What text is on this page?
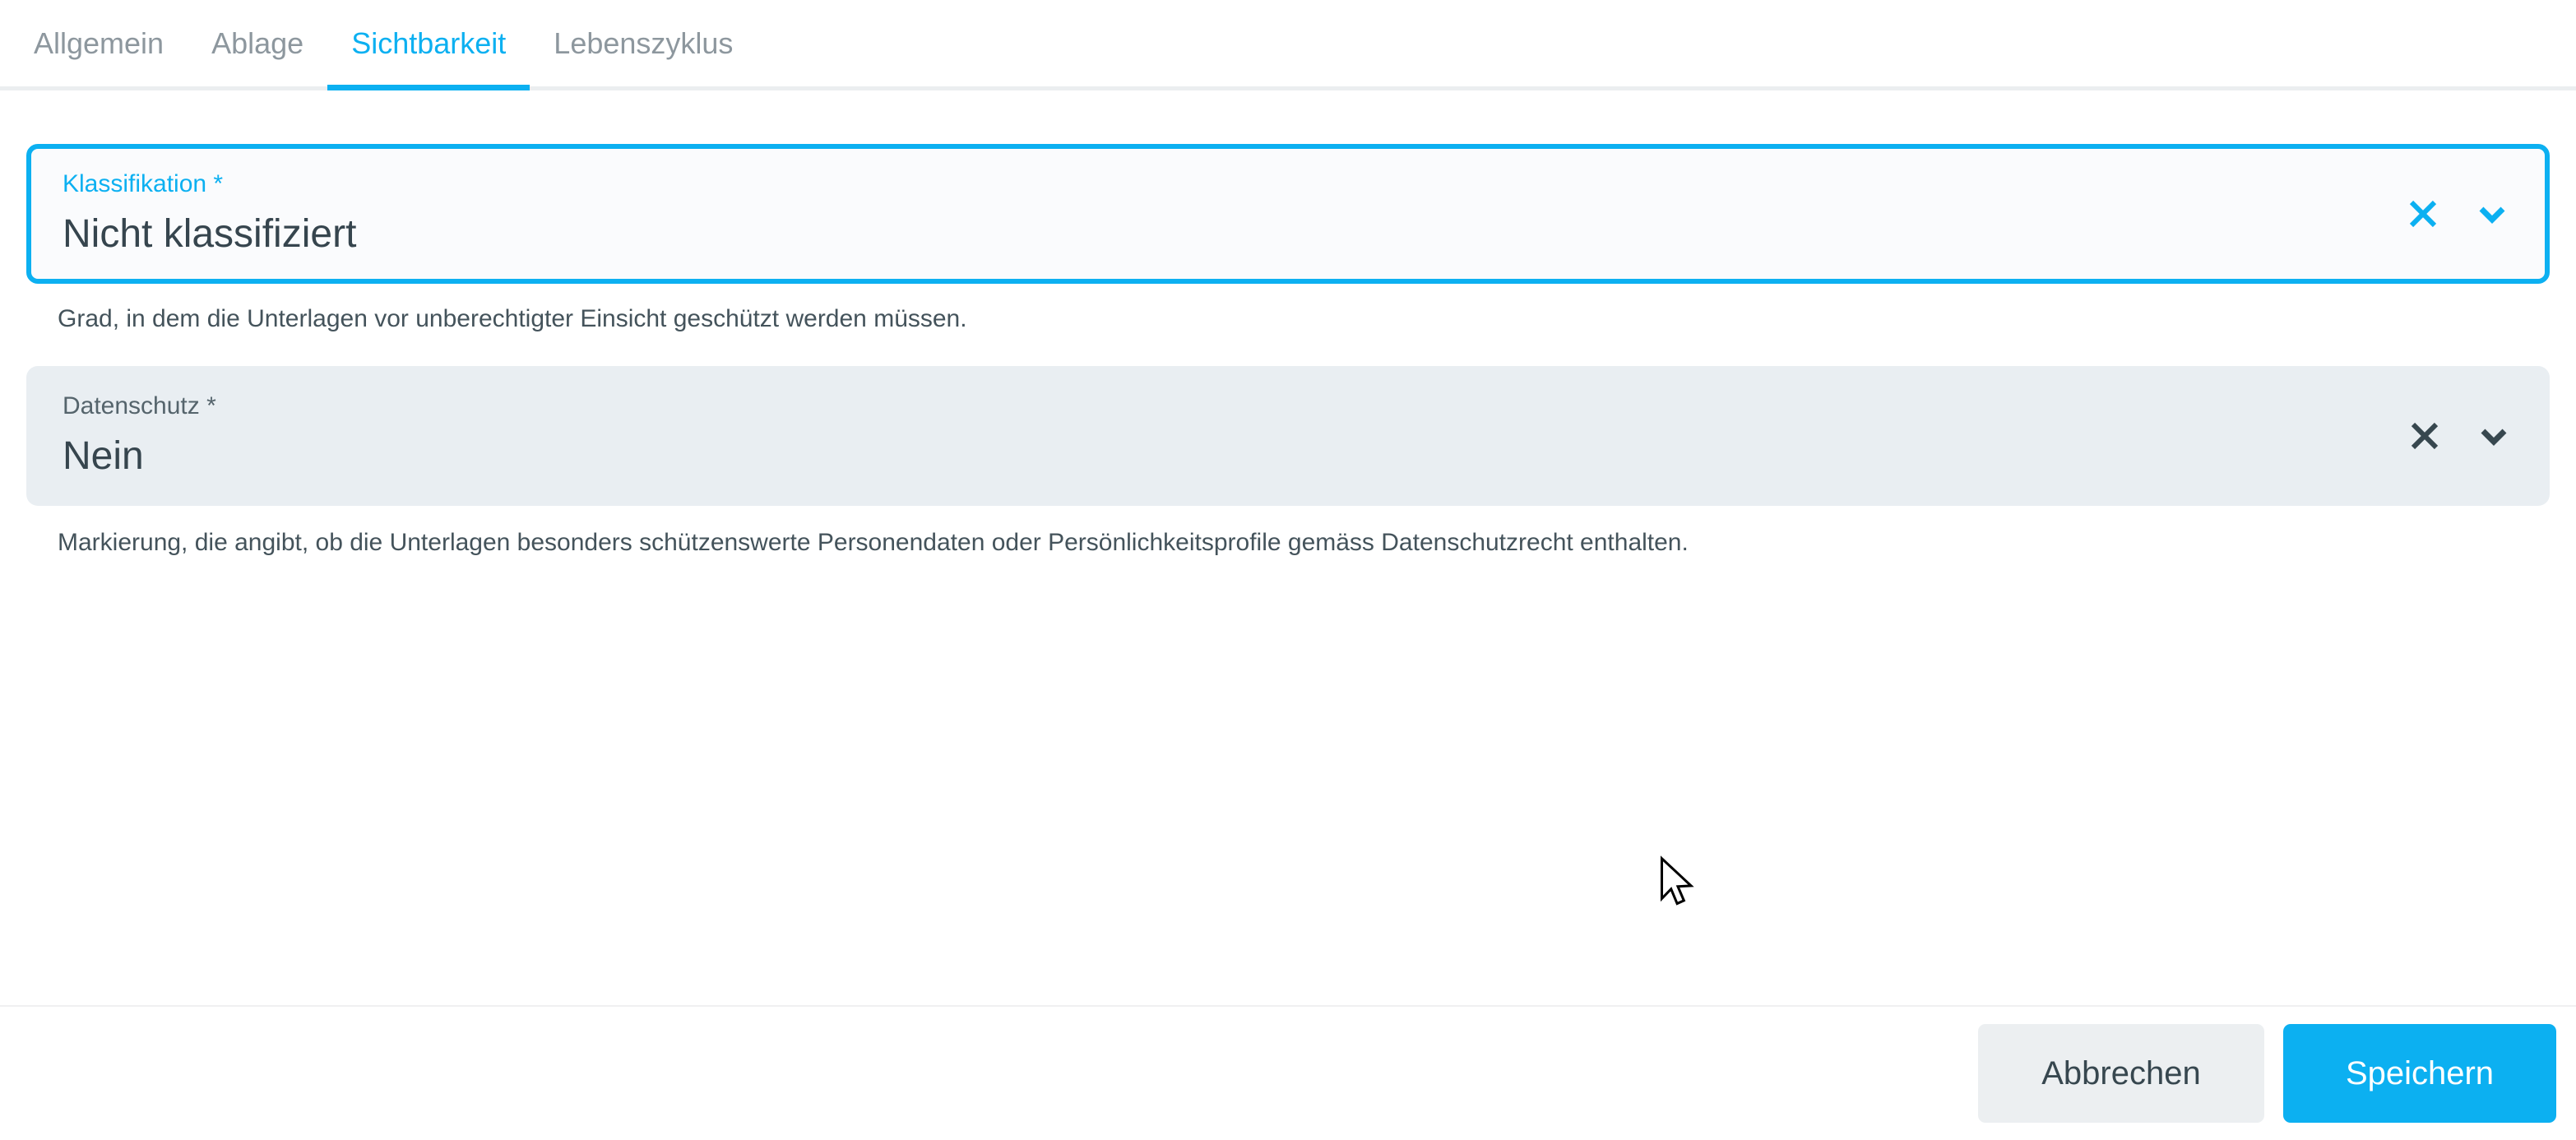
Allgemein Ablage Sichtbarkeit Lebenszyklus
Klassifikation *
Nicht klassifiziert
Grad, in dem die Unterlagen vor unberechtigter Einsicht geschützt werden müssen.
Datenschutz *
Nein
Markierung, die angibt, ob die Unterlagen besonders schützenswerte Personendaten oder Persönlichkeitsprofile gemäss Datenschutzrecht enthalten.
Abbrechen	Speichern
